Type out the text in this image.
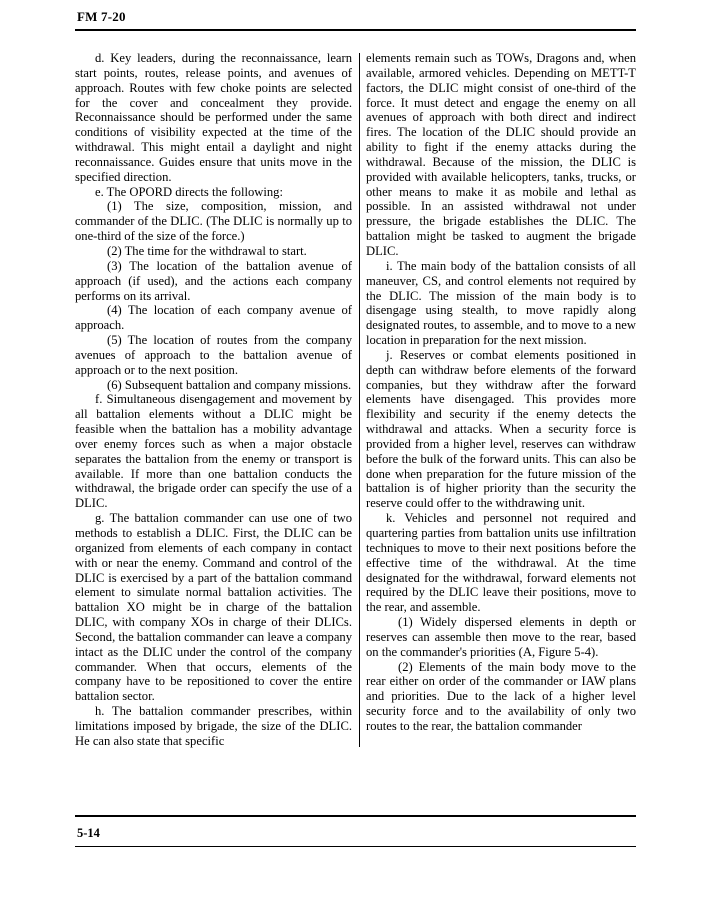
FM 7-20

d. Key leaders, during the reconnaissance, learn start points, routes, release points, and avenues of approach. Routes with few choke points are selected for the cover and concealment they provide. Reconnaissance should be performed under the same conditions of visibility expected at the time of the withdrawal. This might entail a daylight and night reconnaissance. Guides ensure that units move in the specified direction.

e. The OPORD directs the following:

(1) The size, composition, mission, and commander of the DLIC. (The DLIC is normally up to one-third of the size of the force.)

(2) The time for the withdrawal to start.

(3) The location of the battalion avenue of approach (if used), and the actions each company performs on its arrival.

(4) The location of each company avenue of approach.

(5) The location of routes from the company avenues of approach to the battalion avenue of approach or to the next position.

(6) Subsequent battalion and company missions.

f. Simultaneous disengagement and movement by all battalion elements without a DLIC might be feasible when the battalion has a mobility advantage over enemy forces such as when a major obstacle separates the battalion from the enemy or transport is available. If more than one battalion conducts the withdrawal, the brigade order can specify the use of a DLIC.

g. The battalion commander can use one of two methods to establish a DLIC. First, the DLIC can be organized from elements of each company in contact with or near the enemy. Command and control of the DLIC is exercised by a part of the battalion command element to simulate normal battalion activities. The battalion XO might be in charge of the battalion DLIC, with company XOs in charge of their DLICs. Second, the battalion commander can leave a company intact as the DLIC under the control of the company commander. When that occurs, elements of the company have to be repositioned to cover the entire battalion sector.

h. The battalion commander prescribes, within limitations imposed by brigade, the size of the DLIC. He can also state that specific

elements remain such as TOWs, Dragons and, when available, armored vehicles. Depending on METT-T factors, the DLIC might consist of one-third of the force. It must detect and engage the enemy on all avenues of approach with both direct and indirect fires. The location of the DLIC should provide an ability to fight if the enemy attacks during the withdrawal. Because of the mission, the DLIC is provided with available helicopters, tanks, trucks, or other means to make it as mobile and lethal as possible. In an assisted withdrawal not under pressure, the brigade establishes the DLIC. The battalion might be tasked to augment the brigade DLIC.

i. The main body of the battalion consists of all maneuver, CS, and control elements not required by the DLIC. The mission of the main body is to disengage using stealth, to move rapidly along designated routes, to assemble, and to move to a new location in preparation for the next mission.

j. Reserves or combat elements positioned in depth can withdraw before elements of the forward companies, but they withdraw after the forward elements have disengaged. This provides more flexibility and security if the enemy detects the withdrawal and attacks. When a security force is provided from a higher level, reserves can withdraw before the bulk of the forward units. This can also be done when preparation for the future mission of the battalion is of higher priority than the security the reserve could offer to the withdrawing unit.

k. Vehicles and personnel not required and quartering parties from battalion units use infiltration techniques to move to their next positions before the effective time of the withdrawal. At the time designated for the withdrawal, forward elements not required by the DLIC leave their positions, move to the rear, and assemble.

(1) Widely dispersed elements in depth or reserves can assemble then move to the rear, based on the commander's priorities (A, Figure 5-4).

(2) Elements of the main body move to the rear either on order of the commander or IAW plans and priorities. Due to the lack of a higher level security force and to the availability of only two routes to the rear, the battalion commander

5-14
